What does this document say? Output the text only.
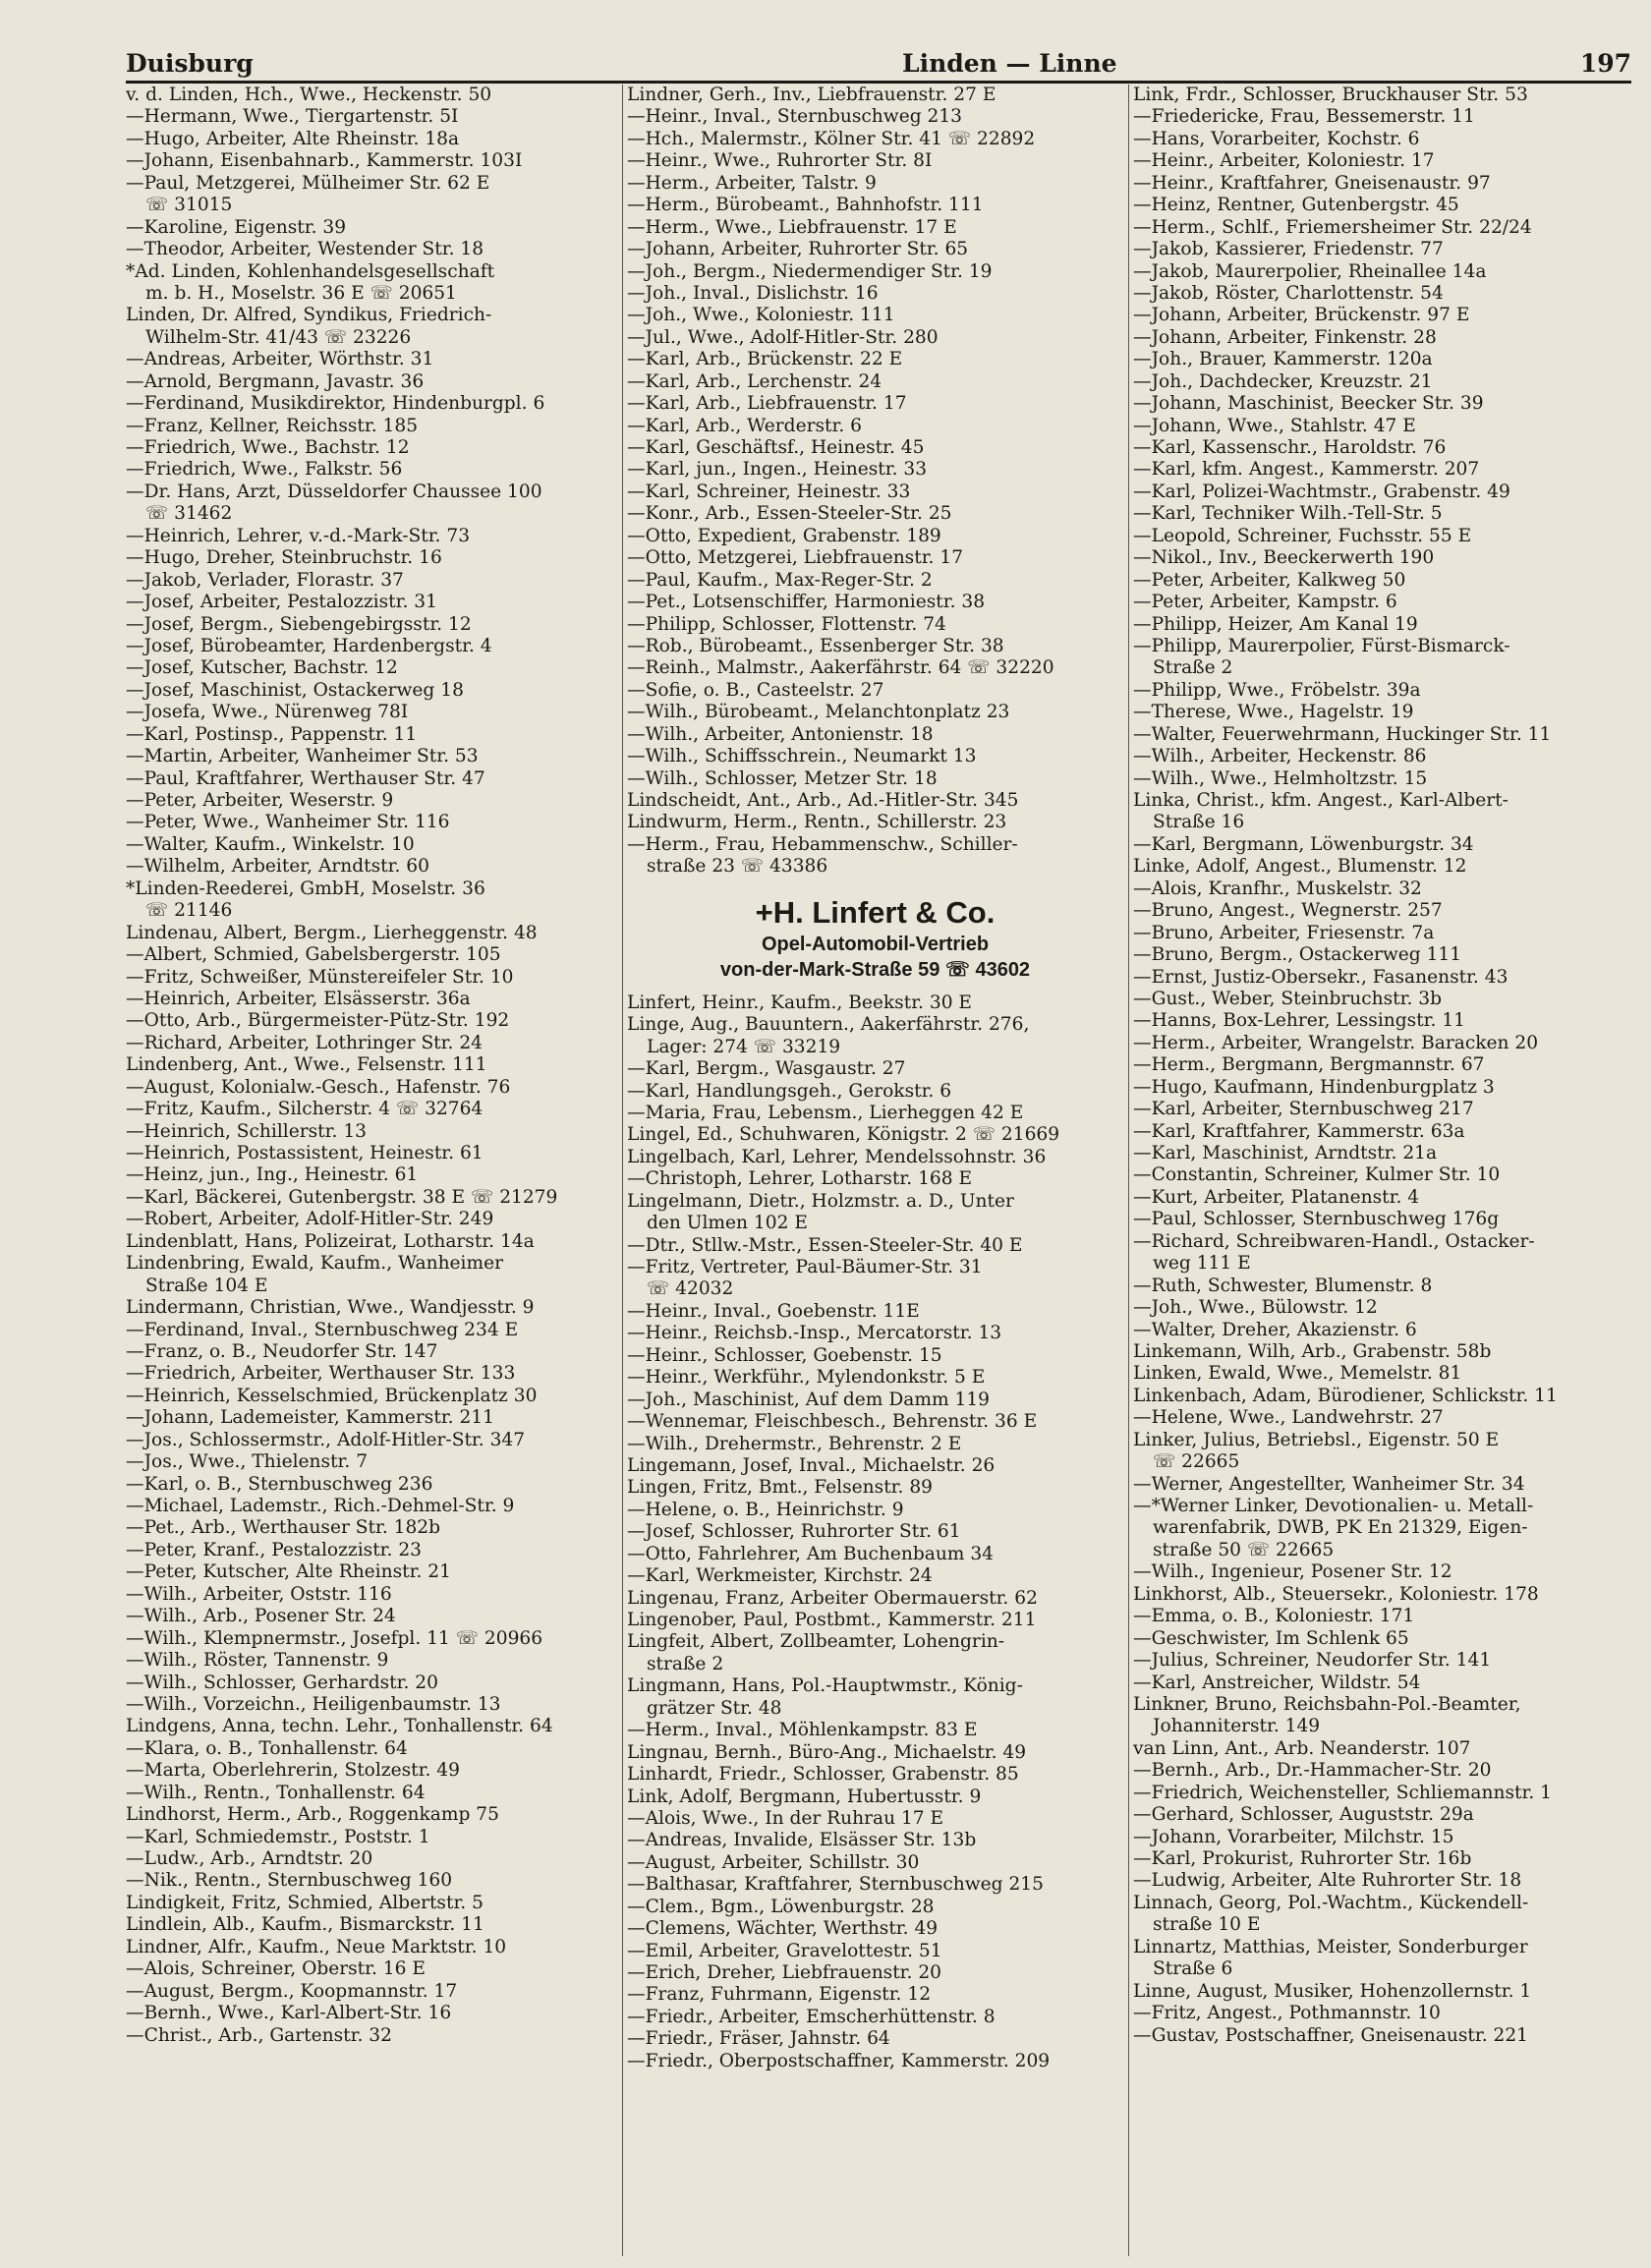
Duisburg	Linden — Linne	197
v. d. Linden, Hch., Wwe., Heckenstr. 50
—Hermann, Wwe., Tiergartenstr. 5I
—Hugo, Arbeiter, Alte Rheinstr. 18a
—Johann, Eisenbahnarb., Kammerstr. 103I
—Paul, Metzgerei, Mülheimer Str. 62 E
☏ 31015
—Karoline, Eigenstr. 39
—Theodor, Arbeiter, Westender Str. 18
*Ad. Linden, Kohlenhandelsgesellschaft
m. b. H., Moselstr. 36 E ☏ 20651
Linden, Dr. Alfred, Syndikus, Friedrich-
Wilhelm-Str. 41/43 ☏ 23226
—Andreas, Arbeiter, Wörthstr. 31
—Arnold, Bergmann, Javastr. 36
—Ferdinand, Musikdirektor, Hindenburgpl. 6
—Franz, Kellner, Reichsstr. 185
—Friedrich, Wwe., Bachstr. 12
—Friedrich, Wwe., Falkstr. 56
—Dr. Hans, Arzt, Düsseldorfer Chaussee 100
☏ 31462
—Heinrich, Lehrer, v.-d.-Mark-Str. 73
—Hugo, Dreher, Steinbruchstr. 16
—Jakob, Verlader, Florastr. 37
—Josef, Arbeiter, Pestalozzistr. 31
—Josef, Bergm., Siebengebirgsstr. 12
—Josef, Bürobeamter, Hardenbergstr. 4
—Josef, Kutscher, Bachstr. 12
—Josef, Maschinist, Ostackerweg 18
—Josefa, Wwe., Nürenweg 78I
—Karl, Postinsp., Pappenstr. 11
—Martin, Arbeiter, Wanheimer Str. 53
—Paul, Kraftfahrer, Werthauser Str. 47
—Peter, Arbeiter, Weserstr. 9
—Peter, Wwe., Wanheimer Str. 116
—Walter, Kaufm., Winkelstr. 10
—Wilhelm, Arbeiter, Arndtstr. 60
*Linden-Reederei, GmbH, Moselstr. 36
☏ 21146
Lindenau, Albert, Bergm., Lierheggenstr. 48
—Albert, Schmied, Gabelsbergerstr. 105
—Fritz, Schweißer, Münstereifeler Str. 10
—Heinrich, Arbeiter, Elsässerstr. 36a
—Otto, Arb., Bürgermeister-Pütz-Str. 192
—Richard, Arbeiter, Lothringer Str. 24
Lindenberg, Ant., Wwe., Felsenstr. 111
—August, Kolonialw.-Gesch., Hafenstr. 76
—Fritz, Kaufm., Silcherstr. 4 ☏ 32764
—Heinrich, Schillerstr. 13
—Heinrich, Postassistent, Heinestr. 61
—Heinz, jun., Ing., Heinestr. 61
—Karl, Bäckerei, Gutenbergstr. 38 E ☏ 21279
—Robert, Arbeiter, Adolf-Hitler-Str. 249
Lindenblatt, Hans, Polizeirat, Lotharstr. 14a
Lindenbring, Ewald, Kaufm., Wanheimer
Straße 104 E
Lindermann, Christian, Wwe., Wandjesstr. 9
—Ferdinand, Inval., Sternbuschweg 234 E
—Franz, o. B., Neudorfer Str. 147
—Friedrich, Arbeiter, Werthauser Str. 133
—Heinrich, Kesselschmied, Brückenplatz 30
—Johann, Lademeister, Kammerstr. 211
—Jos., Schlossermstr., Adolf-Hitler-Str. 347
—Jos., Wwe., Thielenstr. 7
—Karl, o. B., Sternbuschweg 236
—Michael, Lademstr., Rich.-Dehmel-Str. 9
—Pet., Arb., Werthauser Str. 182b
—Peter, Kranf., Pestalozzistr. 23
—Peter, Kutscher, Alte Rheinstr. 21
—Wilh., Arbeiter, Oststr. 116
—Wilh., Arb., Posener Str. 24
—Wilh., Klempnermstr., Josefpl. 11 ☏ 20966
—Wilh., Röster, Tannenstr. 9
—Wilh., Schlosser, Gerhardstr. 20
—Wilh., Vorzeichn., Heiligenbaumstr. 13
Lindgens, Anna, techn. Lehr., Tonhallenstr. 64
—Klara, o. B., Tonhallenstr. 64
—Marta, Oberlehrerin, Stolzestr. 49
—Wilh., Rentn., Tonhallenstr. 64
Lindhorst, Herm., Arb., Roggenkamp 75
—Karl, Schmiedemstr., Poststr. 1
—Ludw., Arb., Arndtstr. 20
—Nik., Rentn., Sternbuschweg 160
Lindigkeit, Fritz, Schmied, Albertstr. 5
Lindlein, Alb., Kaufm., Bismarckstr. 11
Lindner, Alfr., Kaufm., Neue Marktstr. 10
—Alois, Schreiner, Oberstr. 16 E
—August, Bergm., Koopmannstr. 17
—Bernh., Wwe., Karl-Albert-Str. 16
—Christ., Arb., Gartenstr. 32
Lindner, Gerh., Inv., Liebfrauenstr. 27 E
—Heinr., Inval., Sternbuschweg 213
—Hch., Malermstr., Kölner Str. 41 ☏ 22892
—Heinr., Wwe., Ruhrorter Str. 8I
—Herm., Arbeiter, Talstr. 9
—Herm., Bürobeamt., Bahnhofstr. 111
—Herm., Wwe., Liebfrauenstr. 17 E
—Johann, Arbeiter, Ruhrorter Str. 65
—Joh., Bergm., Niedermendiger Str. 19
—Joh., Inval., Dislichstr. 16
—Joh., Wwe., Koloniestr. 111
—Jul., Wwe., Adolf-Hitler-Str. 280
—Karl, Arb., Brückenstr. 22 E
—Karl, Arb., Lerchenstr. 24
—Karl, Arb., Liebfrauenstr. 17
—Karl, Arb., Werderstr. 6
—Karl, Geschäftsf., Heinestr. 45
—Karl, jun., Ingen., Heinestr. 33
—Karl, Schreiner, Heinestr. 33
—Konr., Arb., Essen-Steeler-Str. 25
—Otto, Expedient, Grabenstr. 189
—Otto, Metzgerei, Liebfrauenstr. 17
—Paul, Kaufm., Max-Reger-Str. 2
—Pet., Lotsenschiffer, Harmoniestr. 38
—Philipp, Schlosser, Flottenstr. 74
—Rob., Bürobeamt., Essenberger Str. 38
—Reinh., Malmstr., Aakerfährstr. 64 ☏ 32220
—Sofie, o. B., Casteelstr. 27
—Wilh., Bürobeamt., Melanchtonplatz 23
—Wilh., Arbeiter, Antonienstr. 18
—Wilh., Schiffsschrein., Neumarkt 13
—Wilh., Schlosser, Metzer Str. 18
Lindscheidt, Ant., Arb., Ad.-Hitler-Str. 345
Lindwurm, Herm., Rentn., Schillerstr. 23
—Herm., Frau, Hebammenschw., Schiller-
straße 23 ☏ 43386
+H. Linfert & Co.
Opel-Automobil-Vertrieb
von-der-Mark-Straße 59 ☏ 43602
Linfert, Heinr., Kaufm., Beekstr. 30 E
Linge, Aug., Bauuntern., Aakerfährstr. 276,
Lager: 274 ☏ 33219
—Karl, Bergm., Wasgaustr. 27
—Karl, Handlungsgeh., Gerokstr. 6
—Maria, Frau, Lebensm., Lierheggen 42 E
Lingel, Ed., Schuhwaren, Königstr. 2 ☏ 21669
Lingelbach, Karl, Lehrer, Mendelssohnstr. 36
—Christoph, Lehrer, Lotharstr. 168 E
Lingelmann, Dietr., Holzmstr. a. D., Unter
den Ulmen 102 E
—Dtr., Stllw.-Mstr., Essen-Steeler-Str. 40 E
—Fritz, Vertreter, Paul-Bäumer-Str. 31
☏ 42032
—Heinr., Inval., Goebenstr. 11E
—Heinr., Reichsb.-Insp., Mercatorstr. 13
—Heinr., Schlosser, Goebenstr. 15
—Heinr., Werkführ., Mylendonkstr. 5 E
—Joh., Maschinist, Auf dem Damm 119
—Wennemar, Fleischbesch., Behrenstr. 36 E
—Wilh., Drehermstr., Behrenstr. 2 E
Lingemann, Josef, Inval., Michaelstr. 26
Lingen, Fritz, Bmt., Felsenstr. 89
—Helene, o. B., Heinrichstr. 9
—Josef, Schlosser, Ruhrorter Str. 61
—Otto, Fahrlehrer, Am Buchenbaum 34
—Karl, Werkmeister, Kirchstr. 24
Lingenau, Franz, Arbeiter Obermauerstr. 62
Lingenober, Paul, Postbmt., Kammerstr. 211
Lingfeit, Albert, Zollbeamter, Lohengrin-
straße 2
Lingmann, Hans, Pol.-Hauptwmstr., König-
grätzer Str. 48
—Herm., Inval., Möhlenkampstr. 83 E
Lingnau, Bernh., Büro-Ang., Michaelstr. 49
Linhardt, Friedr., Schlosser, Grabenstr. 85
Link, Adolf, Bergmann, Hubertusstr. 9
—Alois, Wwe., In der Ruhrau 17 E
—Andreas, Invalide, Elsässer Str. 13b
—August, Arbeiter, Schillstr. 30
—Balthasar, Kraftfahrer, Sternbuschweg 215
—Clem., Bgm., Löwenburgstr. 28
—Clemens, Wächter, Werthstr. 49
—Emil, Arbeiter, Gravelottestr. 51
—Erich, Dreher, Liebfrauenstr. 20
—Franz, Fuhrmann, Eigenstr. 12
—Friedr., Arbeiter, Emscherhüttenstr. 8
—Friedr., Fräser, Jahnstr. 64
—Friedr., Oberpostschaffner, Kammerstr. 209
Link, Frdr., Schlosser, Bruckhauser Str. 53
—Friedericke, Frau, Bessemerstr. 11
—Hans, Vorarbeiter, Kochstr. 6
—Heinr., Arbeiter, Koloniestr. 17
—Heinr., Kraftfahrer, Gneisenaustr. 97
—Heinz, Rentner, Gutenbergstr. 45
—Herm., Schlf., Friemersheimer Str. 22/24
—Jakob, Kassierer, Friedenstr. 77
—Jakob, Maurerpolier, Rheinallee 14a
—Jakob, Röster, Charlottenstr. 54
—Johann, Arbeiter, Brückenstr. 97 E
—Johann, Arbeiter, Finkenstr. 28
—Joh., Brauer, Kammerstr. 120a
—Joh., Dachdecker, Kreuzstr. 21
—Johann, Maschinist, Beecker Str. 39
—Johann, Wwe., Stahlstr. 47 E
—Karl, Kassenschr., Haroldstr. 76
—Karl, kfm. Angest., Kammerstr. 207
—Karl, Polizei-Wachtmstr., Grabenstr. 49
—Karl, Techniker Wilh.-Tell-Str. 5
—Leopold, Schreiner, Fuchsstr. 55 E
—Nikol., Inv., Beeckerwerth 190
—Peter, Arbeiter, Kalkweg 50
—Peter, Arbeiter, Kampstr. 6
—Philipp, Heizer, Am Kanal 19
—Philipp, Maurerpolier, Fürst-Bismarck-
Straße 2
—Philipp, Wwe., Fröbelstr. 39a
—Therese, Wwe., Hagelstr. 19
—Walter, Feuerwehrmann, Huckinger Str. 11
—Wilh., Arbeiter, Heckenstr. 86
—Wilh., Wwe., Helmholtzstr. 15
Linka, Christ., kfm. Angest., Karl-Albert-
Straße 16
—Karl, Bergmann, Löwenburgstr. 34
Linke, Adolf, Angest., Blumenstr. 12
—Alois, Kranfhr., Muskelstr. 32
—Bruno, Angest., Wegnerstr. 257
—Bruno, Arbeiter, Friesenstr. 7a
—Bruno, Bergm., Ostackerweg 111
—Ernst, Justiz-Obersekr., Fasanenstr. 43
—Gust., Weber, Steinbruchstr. 3b
—Hanns, Box-Lehrer, Lessingstr. 11
—Herm., Arbeiter, Wrangelstr. Baracken 20
—Herm., Bergmann, Bergmannstr. 67
—Hugo, Kaufmann, Hindenburgplatz 3
—Karl, Arbeiter, Sternbuschweg 217
—Karl, Kraftfahrer, Kammerstr. 63a
—Karl, Maschinist, Arndtstr. 21a
—Constantin, Schreiner, Kulmer Str. 10
—Kurt, Arbeiter, Platanenstr. 4
—Paul, Schlosser, Sternbuschweg 176g
—Richard, Schreibwaren-Handl., Ostacker-
weg 111 E
—Ruth, Schwester, Blumenstr. 8
—Joh., Wwe., Bülowstr. 12
—Walter, Dreher, Akazienstr. 6
Linkemann, Wilh, Arb., Grabenstr. 58b
Linken, Ewald, Wwe., Memelstr. 81
Linkenbach, Adam, Bürodiener, Schlickstr. 11
—Helene, Wwe., Landwehrstr. 27
Linker, Julius, Betriebsl., Eigenstr. 50 E
☏ 22665
—Werner, Angestellter, Wanheimer Str. 34
—*Werner Linker, Devotionalien- u. Metall-
warenfabrik, DWB, PK En 21329, Eigen-
straße 50 ☏ 22665
—Wilh., Ingenieur, Posener Str. 12
Linkhorst, Alb., Steuersekr., Koloniestr. 178
—Emma, o. B., Koloniestr. 171
—Geschwister, Im Schlenk 65
—Julius, Schreiner, Neudorfer Str. 141
—Karl, Anstreicher, Wildstr. 54
Linkner, Bruno, Reichsbahn-Pol.-Beamter,
Johanniterstr. 149
van Linn, Ant., Arb. Neanderstr. 107
—Bernh., Arb., Dr.-Hammacher-Str. 20
—Friedrich, Weichensteller, Schliemannstr. 1
—Gerhard, Schlosser, Auguststr. 29a
—Johann, Vorarbeiter, Milchstr. 15
—Karl, Prokurist, Ruhrorter Str. 16b
—Ludwig, Arbeiter, Alte Ruhrorter Str. 18
Linnach, Georg, Pol.-Wachtm., Kückendell-
straße 10 E
Linnartz, Matthias, Meister, Sonderburger
Straße 6
Linne, August, Musiker, Hohenzollernstr. 1
—Fritz, Angest., Pothmannstr. 10
—Gustav, Postschaffner, Gneisenaustr. 221
